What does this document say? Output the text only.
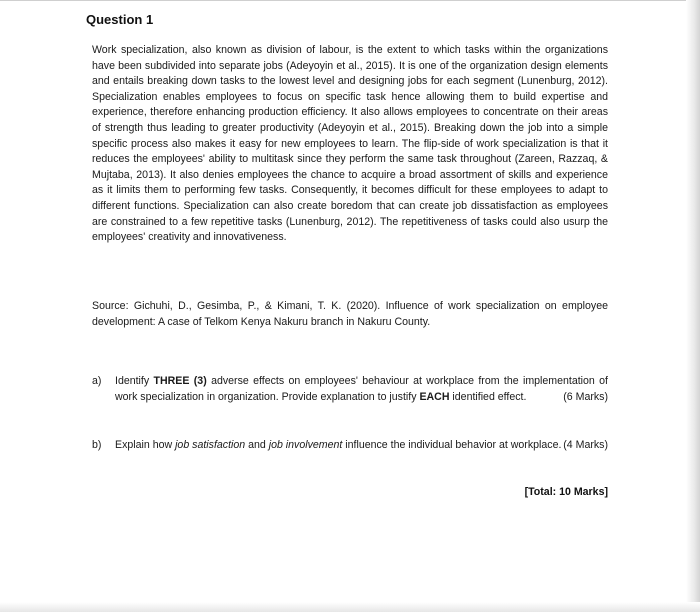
Question 1
Work specialization, also known as division of labour, is the extent to which tasks within the organizations have been subdivided into separate jobs (Adeyoyin et al., 2015). It is one of the organization design elements and entails breaking down tasks to the lowest level and designing jobs for each segment (Lunenburg, 2012). Specialization enables employees to focus on specific task hence allowing them to build expertise and experience, therefore enhancing production efficiency. It also allows employees to concentrate on their areas of strength thus leading to greater productivity (Adeyoyin et al., 2015). Breaking down the job into a simple specific process also makes it easy for new employees to learn. The flip-side of work specialization is that it reduces the employees' ability to multitask since they perform the same task throughout (Zareen, Razzaq, & Mujtaba, 2013). It also denies employees the chance to acquire a broad assortment of skills and experience as it limits them to performing few tasks. Consequently, it becomes difficult for these employees to adapt to different functions. Specialization can also create boredom that can create job dissatisfaction as employees are constrained to a few repetitive tasks (Lunenburg, 2012). The repetitiveness of tasks could also usurp the employees' creativity and innovativeness.
Source: Gichuhi, D., Gesimba, P., & Kimani, T. K. (2020). Influence of work specialization on employee development: A case of Telkom Kenya Nakuru branch in Nakuru County.
a) Identify THREE (3) adverse effects on employees' behaviour at workplace from the implementation of work specialization in organization. Provide explanation to justify EACH identified effect.	(6 Marks)
b) Explain how job satisfaction and job involvement influence the individual behavior at workplace. (4 Marks)
[Total: 10 Marks]
